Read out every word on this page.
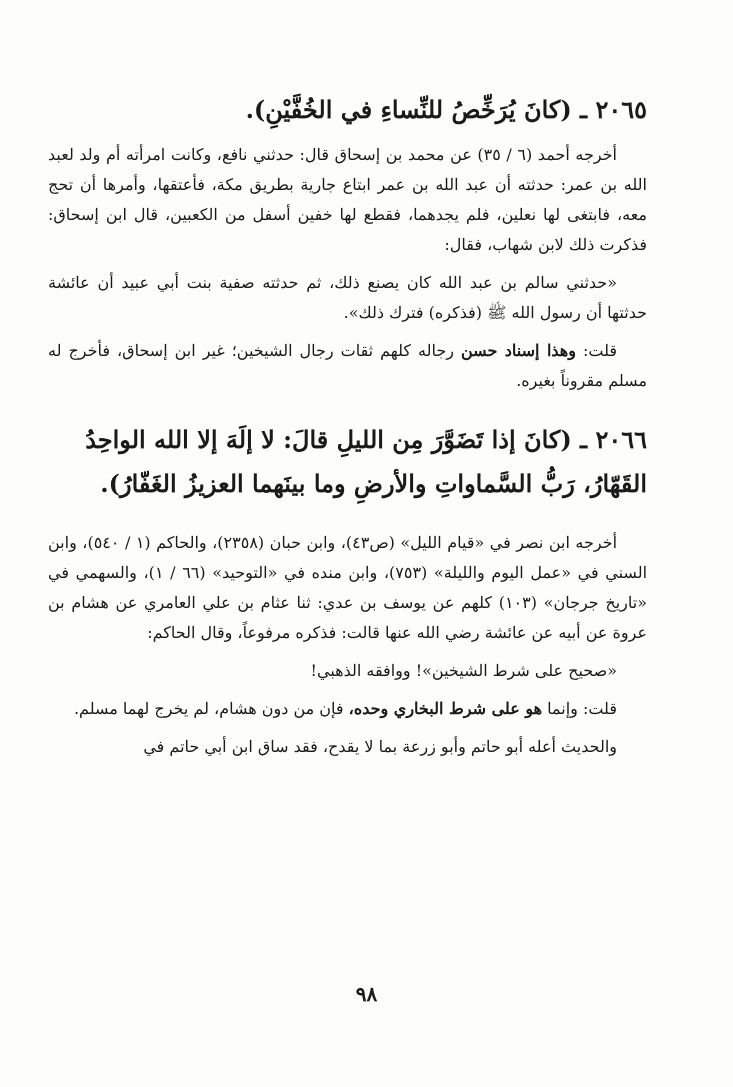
٢٠٦٥ ـ (كانَ يُرَخِّصُ للنِّساءِ في الخُفَّيْنِ).

أخرجه أحمد (٦ / ٣٥) عن محمد بن إسحاق قال: حدثني نافع، وكانت امرأته أم ولد لعبد الله بن عمر: حدثته أن عبد الله بن عمر ابتاع جارية بطريق مكة، فأعتقها، وأمرها أن تحج معه، فابتغى لها نعلين، فلم يجدهما، فقطع لها خفين أسفل من الكعبين، قال ابن إسحاق: فذكرت ذلك لابن شهاب، فقال:

«حدثني سالم بن عبد الله كان يصنع ذلك، ثم حدثته صفية بنت أبي عبيد أن عائشة حدثتها أن رسول الله ﷺ (فذكره) فترك ذلك».

قلت: وهذا إسناد حسن رجاله كلهم ثقات رجال الشيخين؛ غير ابن إسحاق، فأخرج له مسلم مقروناً بغيره.

٢٠٦٦ ـ (كانَ إذا تَضَوَّرَ مِن الليلِ قالَ: لا إلَهَ إلا الله الواحِدُ القَهّارُ، رَبُّ السَّماواتِ والأرضِ وما بينَهما العزيزُ الغَفّارُ).

أخرجه ابن نصر في «قيام الليل» (ص٤٣)، وابن حبان (٢٣٥٨)، والحاكم (١ / ٥٤٠)، وابن السني في «عمل اليوم والليلة» (٧٥٣)، وابن منده في «التوحيد» (٦٦ / ١)، والسهمي في «تاريخ جرجان» (١٠٣) كلهم عن يوسف بن عدي: ثنا عثام بن علي العامري عن هشام بن عروة عن أبيه عن عائشة رضي الله عنها قالت: فذكره مرفوعاً، وقال الحاكم:

«صحيح على شرط الشيخين»! ووافقه الذهبي!

قلت: وإنما هو على شرط البخاري وحده، فإن من دون هشام، لم يخرج لهما مسلم.

والحديث أعله أبو حاتم وأبو زرعة بما لا يقدح، فقد ساق ابن أبي حاتم في

٩٨
